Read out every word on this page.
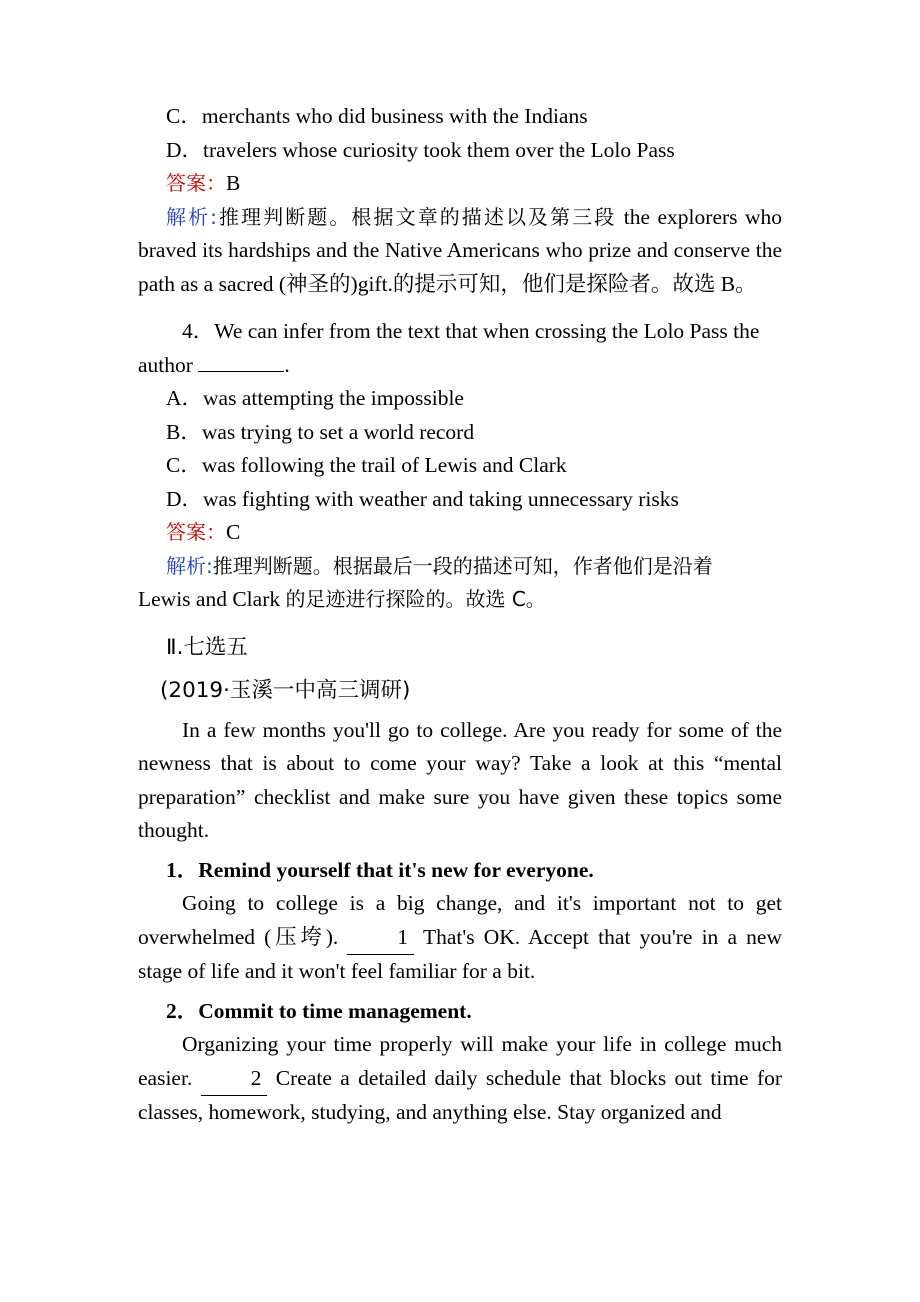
C．merchants who did business with the Indians
D．travelers whose curiosity took them over the Lolo Pass
答案：B
解析:推理判断题。根据文章的描述以及第三段 the explorers who braved its hardships and the Native Americans who prize and conserve the path as a sacred (神圣的)gift.的提示可知，他们是探险者。故选 B。
4．We can infer from the text that when crossing the Lolo Pass the
author	.
A．was attempting the impossible
B．was trying to set a world record
C．was following the trail of Lewis and Clark
D．was fighting with weather and taking unnecessary risks
答案：C
解析:推理判断题。根据最后一段的描述可知，作者他们是沿着
Lewis and Clark 的足迹进行探险的。故选 C。
Ⅱ.七选五
(2019·玉溪一中高三调研)
In a few months you'll go to college. Are you ready for some of the newness that is about to come your way? Take a look at this “mental preparation” checklist and make sure you have given these topics some thought.
1．Remind yourself that it's new for everyone.
Going to college is a big change, and it's important not to get overwhelmed (压垮).	1 That's OK. Accept that you're in a new stage of life and it won't feel familiar for a bit.
2．Commit to time management.
Organizing your time properly will make your life in college much easier.	2 Create a detailed daily schedule that blocks out time for classes, homework, studying, and anything else. Stay organized and
